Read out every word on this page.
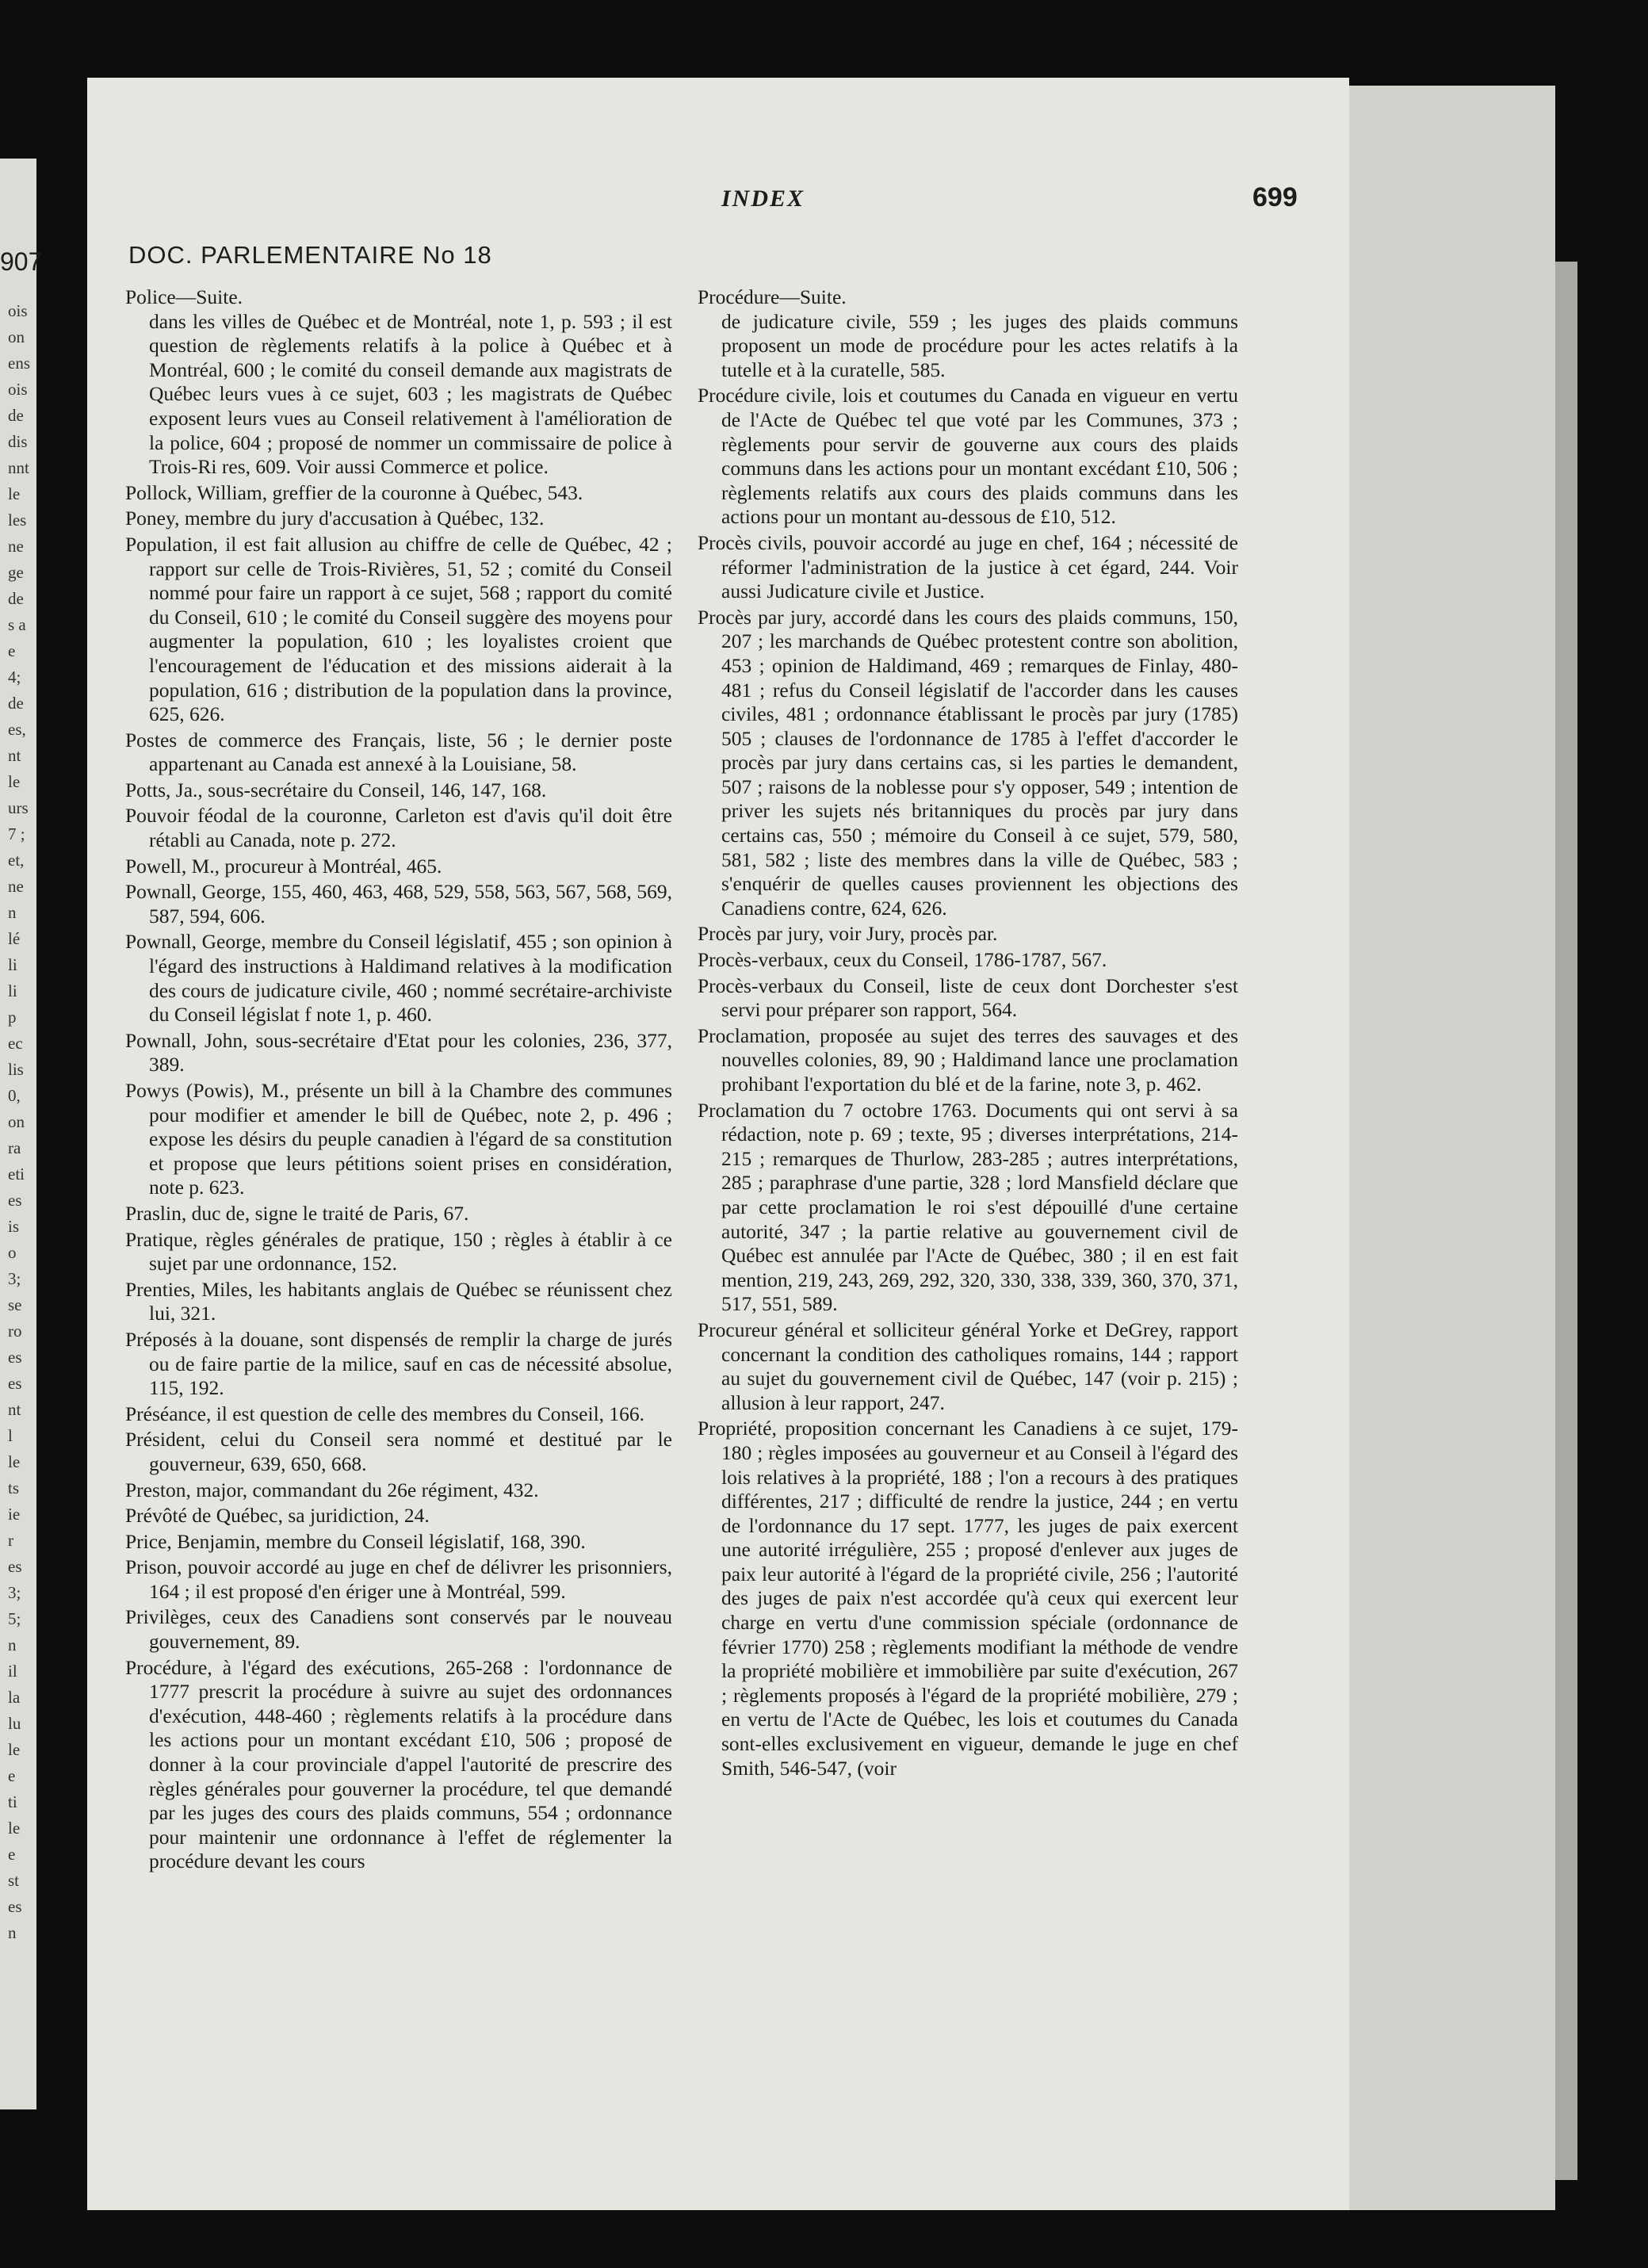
907
ois
on
ens
ois
de
dis
nnt
le
les
ne
ge
de
s a
e
4;
de
es,
nt
le
urs
7 ;
et,
ne
n
lé
li
li
p
ec
lis
0,
on
ra
eti
es
is
o
3;
se
ro
es
es
nt
l
le
ts
ie
r
es
3;
5;
n
il
la
lu
le
e
ti
le
e
st
es
n
INDEX	699
DOC. PARLEMENTAIRE No 18

Police—Suite.
dans les villes de Québec et de Montréal, note 1, p. 593 ; il est question de règlements relatifs à la police à Québec et à Montréal, 600 ; le comité du conseil demande aux magistrats de Québec leurs vues à ce sujet, 603 ; les magistrats de Québec exposent leurs vues au Conseil relativement à l'amélioration de la police, 604 ; proposé de nommer un commissaire de police à Trois-Ri res, 609. Voir aussi Commerce et police.

Pollock, William, greffier de la couronne à Québec, 543.

Poney, membre du jury d'accusation à Québec, 132.

Population, il est fait allusion au chiffre de celle de Québec, 42 ; rapport sur celle de Trois-Rivières, 51, 52 ; comité du Conseil nommé pour faire un rapport à ce sujet, 568 ; rapport du comité du Conseil, 610 ; le comité du Conseil suggère des moyens pour augmenter la population, 610 ; les loyalistes croient que l'encouragement de l'éducation et des missions aiderait à la population, 616 ; distribution de la population dans la province, 625, 626.

Postes de commerce des Français, liste, 56 ; le dernier poste appartenant au Canada est annexé à la Louisiane, 58.

Potts, Ja., sous-secrétaire du Conseil, 146, 147, 168.

Pouvoir féodal de la couronne, Carleton est d'avis qu'il doit être rétabli au Canada, note p. 272.

Powell, M., procureur à Montréal, 465.

Pownall, George, 155, 460, 463, 468, 529, 558, 563, 567, 568, 569, 587, 594, 606.

Pownall, George, membre du Conseil législatif, 455 ; son opinion à l'égard des instructions à Haldimand relatives à la modification des cours de judicature civile, 460 ; nommé secrétaire-archiviste du Conseil législat f note 1, p. 460.

Pownall, John, sous-secrétaire d'Etat pour les colonies, 236, 377, 389.

Powys (Powis), M., présente un bill à la Chambre des communes pour modifier et amender le bill de Québec, note 2, p. 496 ; expose les désirs du peuple canadien à l'égard de sa constitution et propose que leurs pétitions soient prises en considération, note p. 623.

Praslin, duc de, signe le traité de Paris, 67.

Pratique, règles générales de pratique, 150 ; règles à établir à ce sujet par une ordonnance, 152.

Prenties, Miles, les habitants anglais de Québec se réunissent chez lui, 321.

Préposés à la douane, sont dispensés de remplir la charge de jurés ou de faire partie de la milice, sauf en cas de nécessité absolue, 115, 192.

Préséance, il est question de celle des membres du Conseil, 166.

Président, celui du Conseil sera nommé et destitué par le gouverneur, 639, 650, 668.

Preston, major, commandant du 26e régiment, 432.

Prévôté de Québec, sa juridiction, 24.

Price, Benjamin, membre du Conseil législatif, 168, 390.

Prison, pouvoir accordé au juge en chef de délivrer les prisonniers, 164 ; il est proposé d'en ériger une à Montréal, 599.

Privilèges, ceux des Canadiens sont conservés par le nouveau gouvernement, 89.

Procédure, à l'égard des exécutions, 265-268 : l'ordonnance de 1777 prescrit la procédure à suivre au sujet des ordonnances d'exécution, 448-460 ; règlements relatifs à la procédure dans les actions pour un montant excédant £10, 506 ; proposé de donner à la cour provinciale d'appel l'autorité de prescrire des règles générales pour gouverner la procédure, tel que demandé par les juges des cours des plaids communs, 554 ; ordonnance pour maintenir une ordonnance à l'effet de réglementer la procédure devant les cours

Procédure—Suite.
de judicature civile, 559 ; les juges des plaids communs proposent un mode de procédure pour les actes relatifs à la tutelle et à la curatelle, 585.

Procédure civile, lois et coutumes du Canada en vigueur en vertu de l'Acte de Québec tel que voté par les Communes, 373 ; règlements pour servir de gouverne aux cours des plaids communs dans les actions pour un montant excédant £10, 506 ; règlements relatifs aux cours des plaids communs dans les actions pour un montant au-dessous de £10, 512.

Procès civils, pouvoir accordé au juge en chef, 164 ; nécessité de réformer l'administration de la justice à cet égard, 244. Voir aussi Judicature civile et Justice.

Procès par jury, accordé dans les cours des plaids communs, 150, 207 ; les marchands de Québec protestent contre son abolition, 453 ; opinion de Haldimand, 469 ; remarques de Finlay, 480-481 ; refus du Conseil législatif de l'accorder dans les causes civiles, 481 ; ordonnance établissant le procès par jury (1785) 505 ; clauses de l'ordonnance de 1785 à l'effet d'accorder le procès par jury dans certains cas, si les parties le demandent, 507 ; raisons de la noblesse pour s'y opposer, 549 ; intention de priver les sujets nés britanniques du procès par jury dans certains cas, 550 ; mémoire du Conseil à ce sujet, 579, 580, 581, 582 ; liste des membres dans la ville de Québec, 583 ; s'enquérir de quelles causes proviennent les objections des Canadiens contre, 624, 626.

Procès par jury, voir Jury, procès par.

Procès-verbaux, ceux du Conseil, 1786-1787, 567.

Procès-verbaux du Conseil, liste de ceux dont Dorchester s'est servi pour préparer son rapport, 564.

Proclamation, proposée au sujet des terres des sauvages et des nouvelles colonies, 89, 90 ; Haldimand lance une proclamation prohibant l'exportation du blé et de la farine, note 3, p. 462.

Proclamation du 7 octobre 1763. Documents qui ont servi à sa rédaction, note p. 69 ; texte, 95 ; diverses interprétations, 214-215 ; remarques de Thurlow, 283-285 ; autres interprétations, 285 ; paraphrase d'une partie, 328 ; lord Mansfield déclare que par cette proclamation le roi s'est dépouillé d'une certaine autorité, 347 ; la partie relative au gouvernement civil de Québec est annulée par l'Acte de Québec, 380 ; il en est fait mention, 219, 243, 269, 292, 320, 330, 338, 339, 360, 370, 371, 517, 551, 589.

Procureur général et solliciteur général Yorke et DeGrey, rapport concernant la condition des catholiques romains, 144 ; rapport au sujet du gouvernement civil de Québec, 147 (voir p. 215) ; allusion à leur rapport, 247.

Propriété, proposition concernant les Canadiens à ce sujet, 179-180 ; règles imposées au gouverneur et au Conseil à l'égard des lois relatives à la propriété, 188 ; l'on a recours à des pratiques différentes, 217 ; difficulté de rendre la justice, 244 ; en vertu de l'ordonnance du 17 sept. 1777, les juges de paix exercent une autorité irrégulière, 255 ; proposé d'enlever aux juges de paix leur autorité à l'égard de la propriété civile, 256 ; l'autorité des juges de paix n'est accordée qu'à ceux qui exercent leur charge en vertu d'une commission spéciale (ordonnance de février 1770) 258 ; règlements modifiant la méthode de vendre la propriété mobilière et immobilière par suite d'exécution, 267 ; règlements proposés à l'égard de la propriété mobilière, 279 ; en vertu de l'Acte de Québec, les lois et coutumes du Canada sont-elles exclusivement en vigueur, demande le juge en chef Smith, 546-547, (voir
